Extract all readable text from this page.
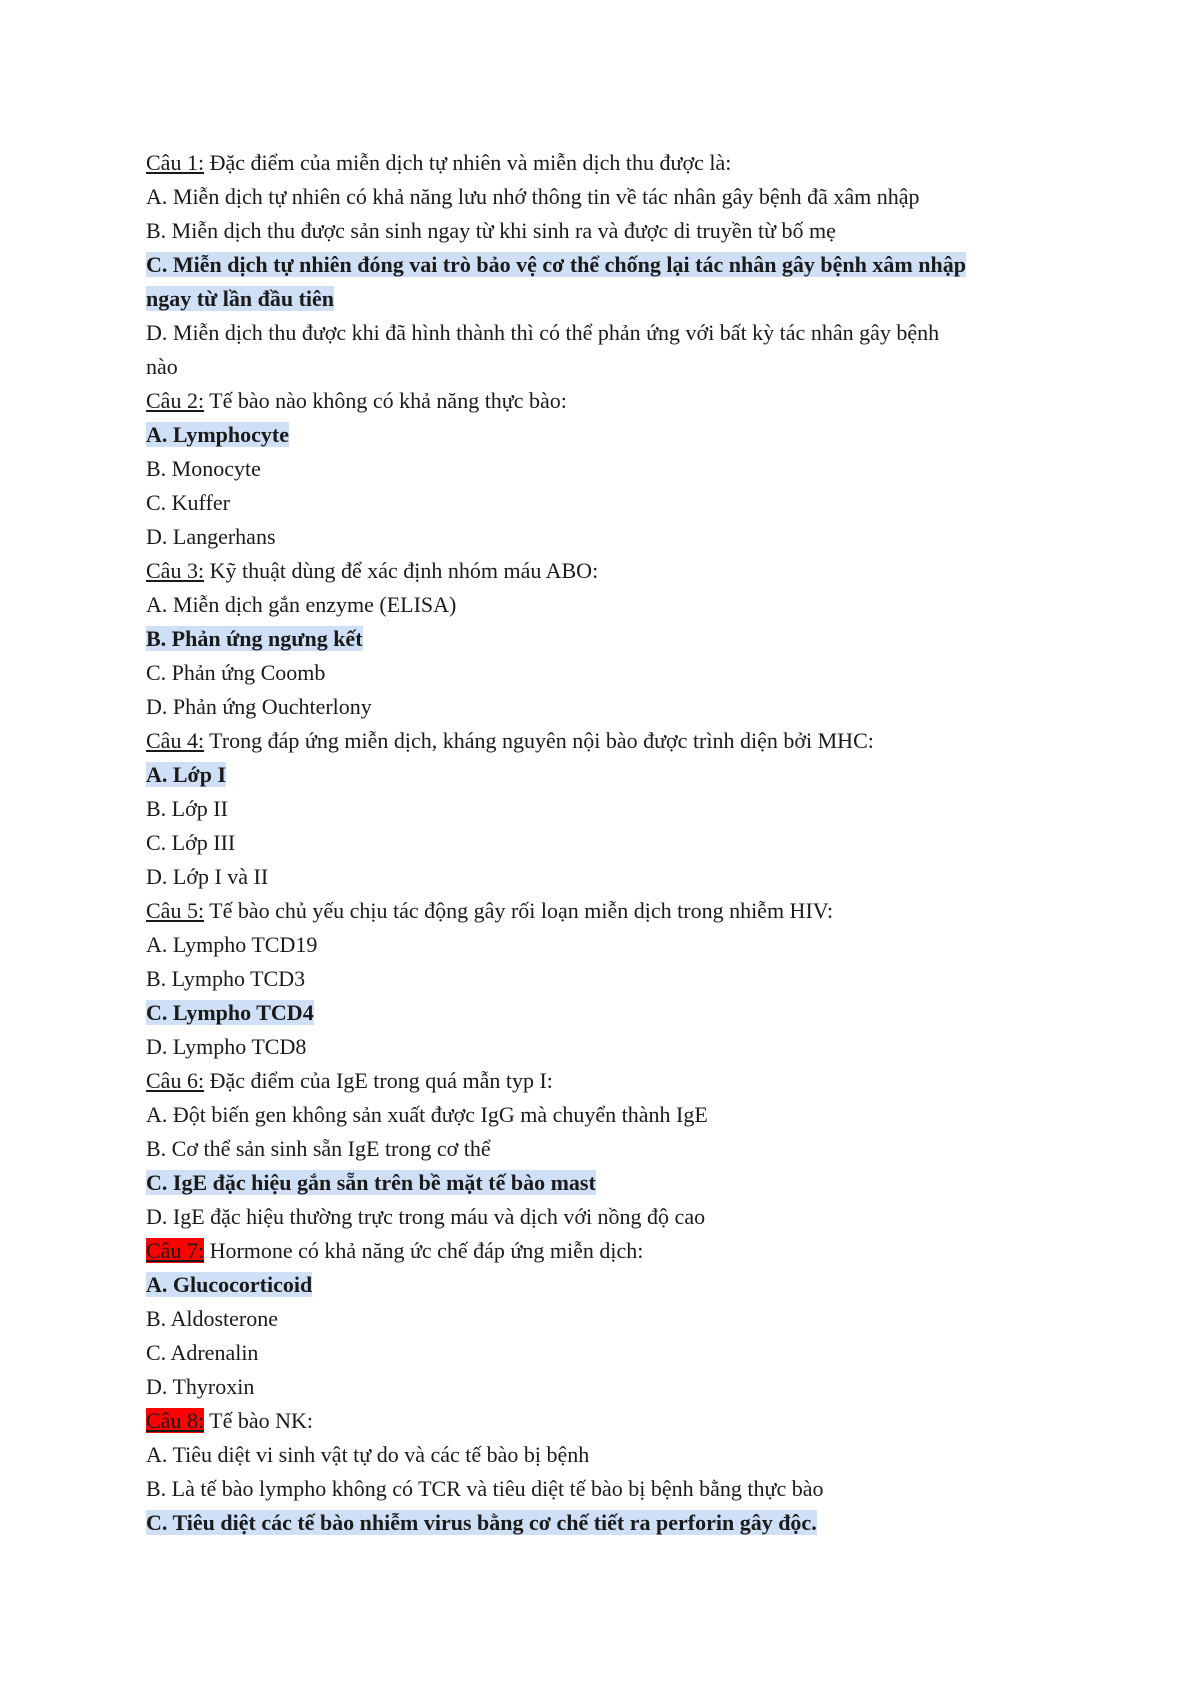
Câu 1: Đặc điểm của miễn dịch tự nhiên và miễn dịch thu được là:
A. Miễn dịch tự nhiên có khả năng lưu nhớ thông tin về tác nhân gây bệnh đã xâm nhập
B. Miễn dịch thu được sản sinh ngay từ khi sinh ra và được di truyền từ bố mẹ
C. Miễn dịch tự nhiên đóng vai trò bảo vệ cơ thể chống lại tác nhân gây bệnh xâm nhập
ngay từ lần đầu tiên
D. Miễn dịch thu được khi đã hình thành thì có thể phản ứng với bất kỳ tác nhân gây bệnh
nào
Câu 2: Tế bào nào không có khả năng thực bào:
A. Lymphocyte
B. Monocyte
C. Kuffer
D. Langerhans
Câu 3: Kỹ thuật dùng để xác định nhóm máu ABO:
A. Miễn dịch gắn enzyme (ELISA)
B. Phản ứng ngưng kết
C. Phản ứng Coomb
D. Phản ứng Ouchterlony
Câu 4: Trong đáp ứng miễn dịch, kháng nguyên nội bào được trình diện bởi MHC:
A. Lớp I
B. Lớp II
C. Lớp III
D. Lớp I và II
Câu 5: Tế bào chủ yếu chịu tác động gây rối loạn miễn dịch trong nhiễm HIV:
A. Lympho TCD19
B. Lympho TCD3
C. Lympho TCD4
D. Lympho TCD8
Câu 6: Đặc điểm của IgE trong quá mẫn typ I:
A. Đột biến gen không sản xuất được IgG mà chuyển thành IgE
B. Cơ thể sản sinh sẵn IgE trong cơ thể
C. IgE đặc hiệu gắn sẵn trên bề mặt tế bào mast
D. IgE đặc hiệu thường trực trong máu và dịch với nồng độ cao
Câu 7: Hormone có khả năng ức chế đáp ứng miễn dịch:
A. Glucocorticoid
B. Aldosterone
C. Adrenalin
D. Thyroxin
Câu 8: Tế bào NK:
A. Tiêu diệt vi sinh vật tự do và các tế bào bị bệnh
B. Là tế bào lympho không có TCR và tiêu diệt tế bào bị bệnh bằng thực bào
C. Tiêu diệt các tế bào nhiễm virus bằng cơ chế tiết ra perforin gây độc.
